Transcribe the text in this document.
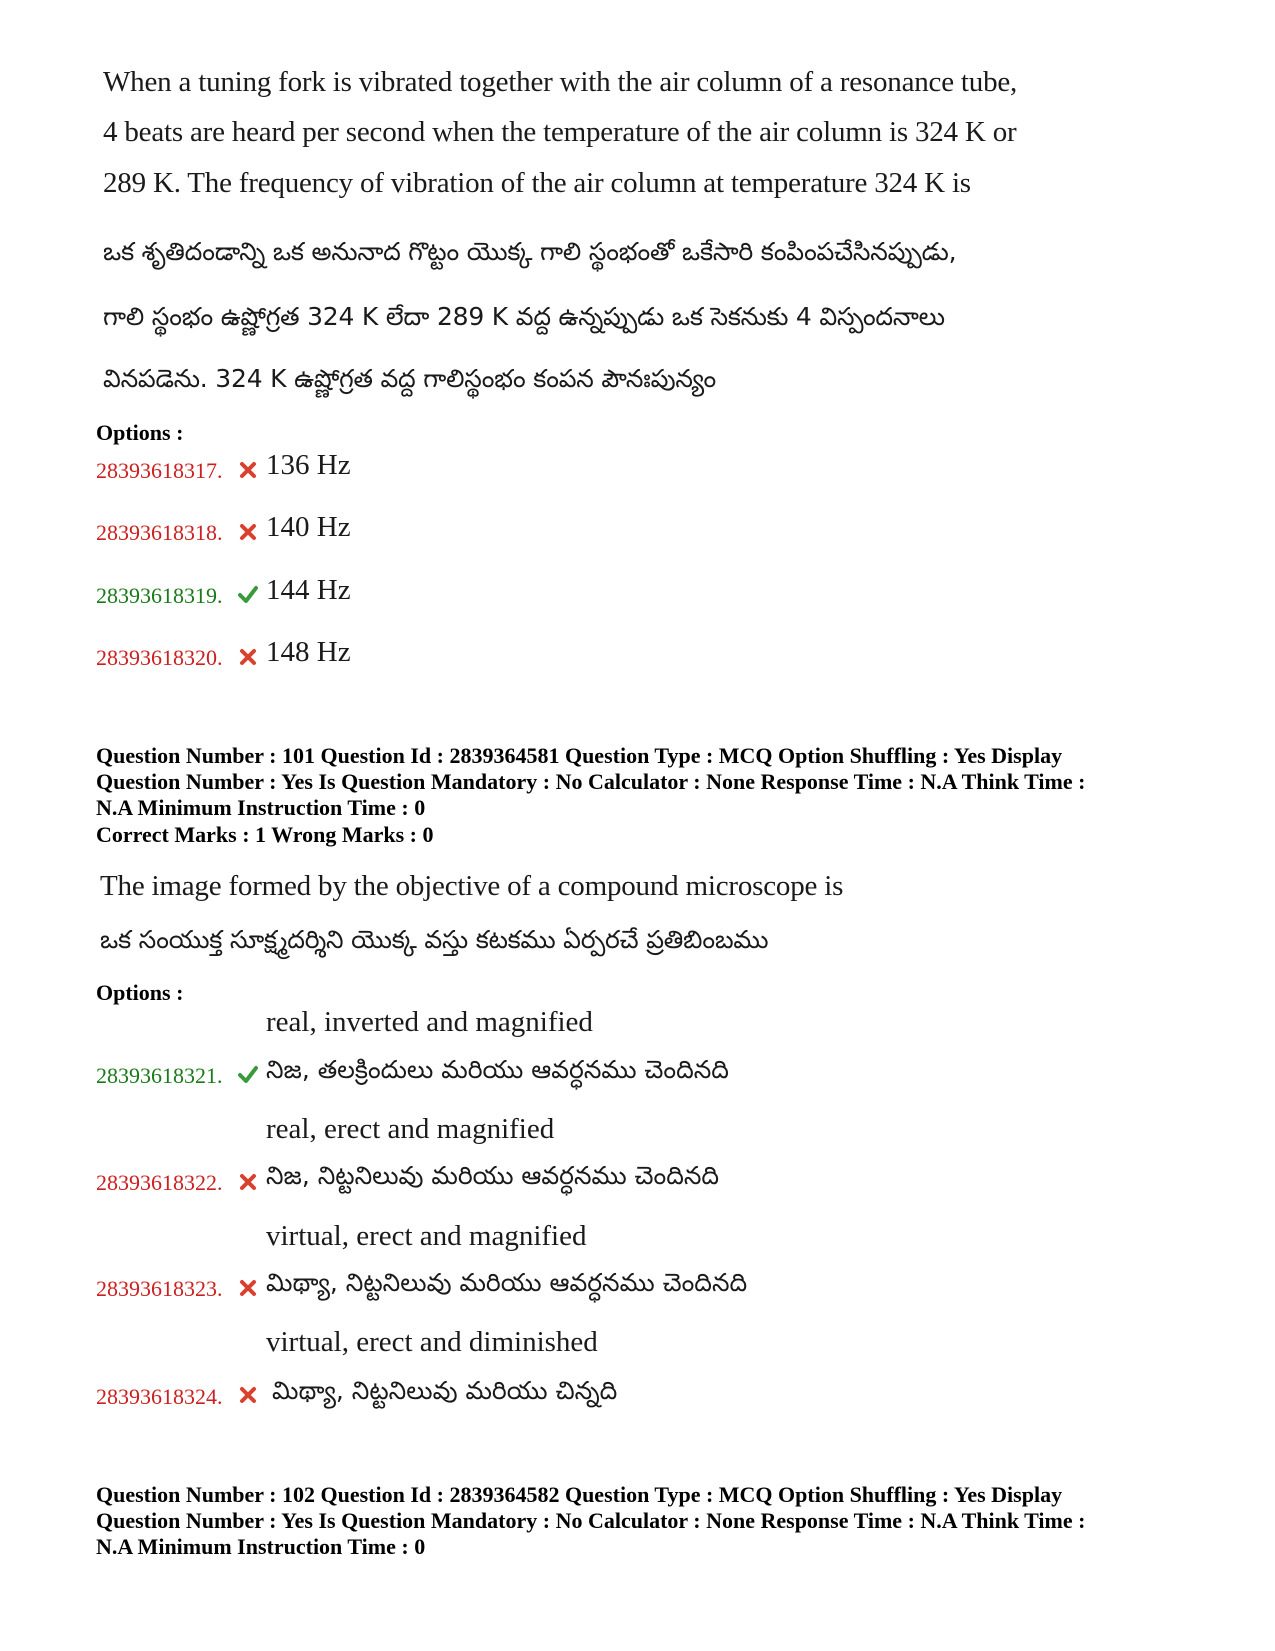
When a tuning fork is vibrated together with the air column of a resonance tube,
4 beats are heard per second when the temperature of the air column is 324 K or
289 K. The frequency of vibration of the air column at temperature 324 K is
ఒక శృతిదండాన్ని ఒక అనునాద గొట్టం యొక్క గాలి స్థంభంతో ఒకేసారి కంపింపచేసినప్పుడు,
గాలి స్థంభం ఉష్ణోగ్రత 324 K లేదా 289 K వద్ద ఉన్నప్పుడు ఒక సెకనుకు 4 విస్పందనాలు
వినపడెను. 324 K ఉష్ణోగ్రత వద్ద గాలిస్థంభం కంపన పౌనఃపున్యం
Options :
28393618317. 136 Hz
28393618318. 140 Hz
28393618319. 144 Hz
28393618320. 148 Hz
Question Number : 101 Question Id : 2839364581 Question Type : MCQ Option Shuffling : Yes Display
Question Number : Yes Is Question Mandatory : No Calculator : None Response Time : N.A Think Time :
N.A Minimum Instruction Time : 0
Correct Marks : 1 Wrong Marks : 0
The image formed by the objective of a compound microscope is
ఒక సంయుక్త సూక్ష్మదర్శిని యొక్క వస్తు కటకము ఏర్పరచే ప్రతిబింబము
Options :
real, inverted and magnified
28393618321. నిజ, తలక్రిందులు మరియు ఆవర్ధనము చెందినది
real, erect and magnified
28393618322. నిజ, నిట్టనిలువు మరియు ఆవర్ధనము చెందినది
virtual, erect and magnified
28393618323. మిథ్యా, నిట్టనిలువు మరియు ఆవర్ధనము చెందినది
virtual, erect and diminished
28393618324. మిథ్యా, నిట్టనిలువు మరియు చిన్నది
Question Number : 102 Question Id : 2839364582 Question Type : MCQ Option Shuffling : Yes Display
Question Number : Yes Is Question Mandatory : No Calculator : None Response Time : N.A Think Time :
N.A Minimum Instruction Time : 0
